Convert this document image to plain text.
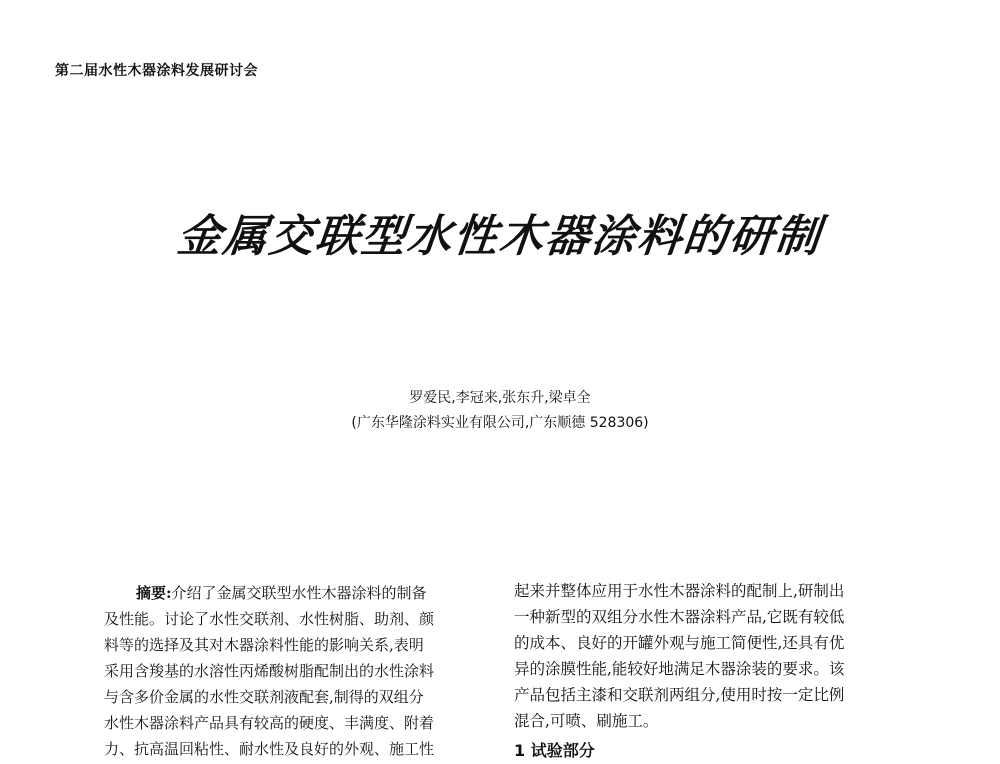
第二届水性木器涂料发展研讨会
金属交联型水性木器涂料的研制
罗爱民,李冠来,张东升,梁卓全
(广东华隆涂料实业有限公司,广东顺德 528306)
摘要:介绍了金属交联型水性木器涂料的制备
及性能。讨论了水性交联剂、水性树脂、助剂、颜
料等的选择及其对木器涂料性能的影响关系,表明
采用含羧基的水溶性丙烯酸树脂配制出的水性涂料
与含多价金属的水性交联剂液配套,制得的双组分
水性木器涂料产品具有较高的硬度、丰满度、附着
力、抗高温回粘性、耐水性及良好的外观、施工性
起来并整体应用于水性木器涂料的配制上,研制出
一种新型的双组分水性木器涂料产品,它既有较低
的成本、良好的开罐外观与施工简便性,还具有优
异的涂膜性能,能较好地满足木器涂装的要求。该
产品包括主漆和交联剂两组分,使用时按一定比例
混合,可喷、刷施工。
1 试验部分
